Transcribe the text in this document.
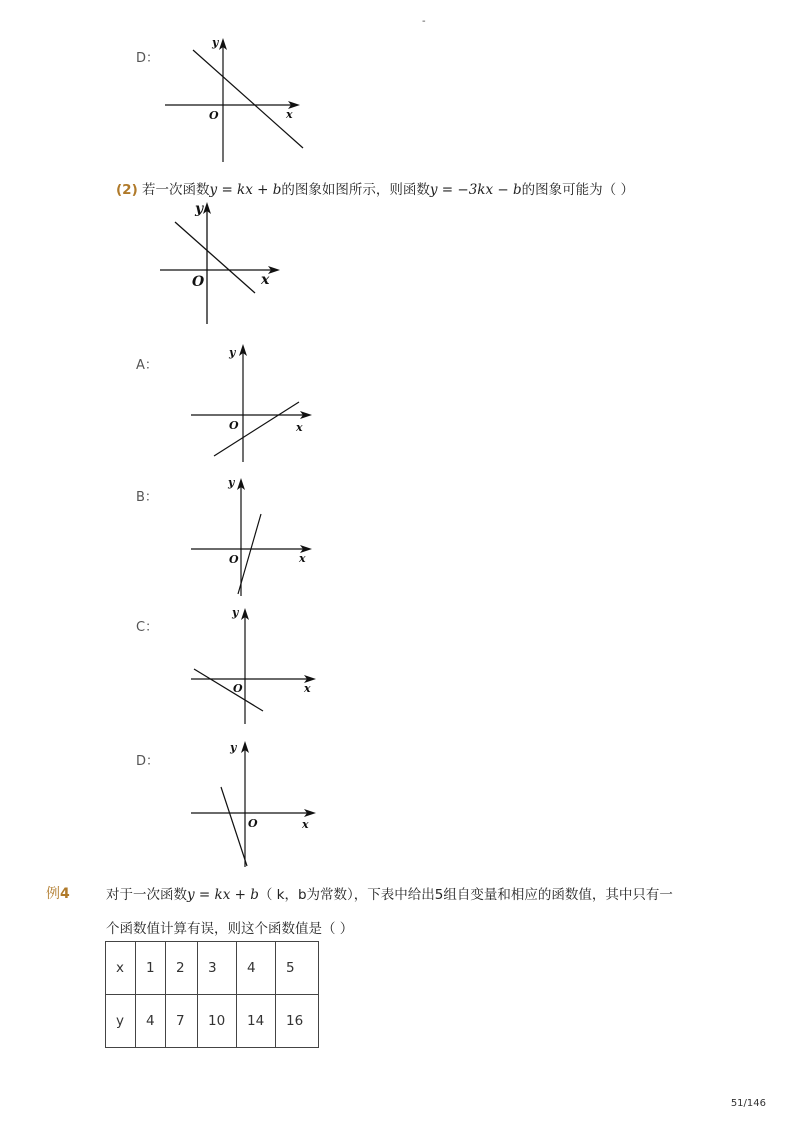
-
D：
y
x
O
(2) 若一次函数y = kx + b的图象如图所示，则函数y = −3kx − b的图象可能为（ ）
y
x
O
A：
y
x
O
B：
y
x
O
C：
y
x
O
D：
y
x
O
例4	对于一次函数y = kx + b（ k，b为常数），下表中给出5组自变量和相应的函数值，其中只有一
个函数值计算有误，则这个函数值是（ ）
x	1	2	3	4	5
y	4	7	10	14	16
51/146
